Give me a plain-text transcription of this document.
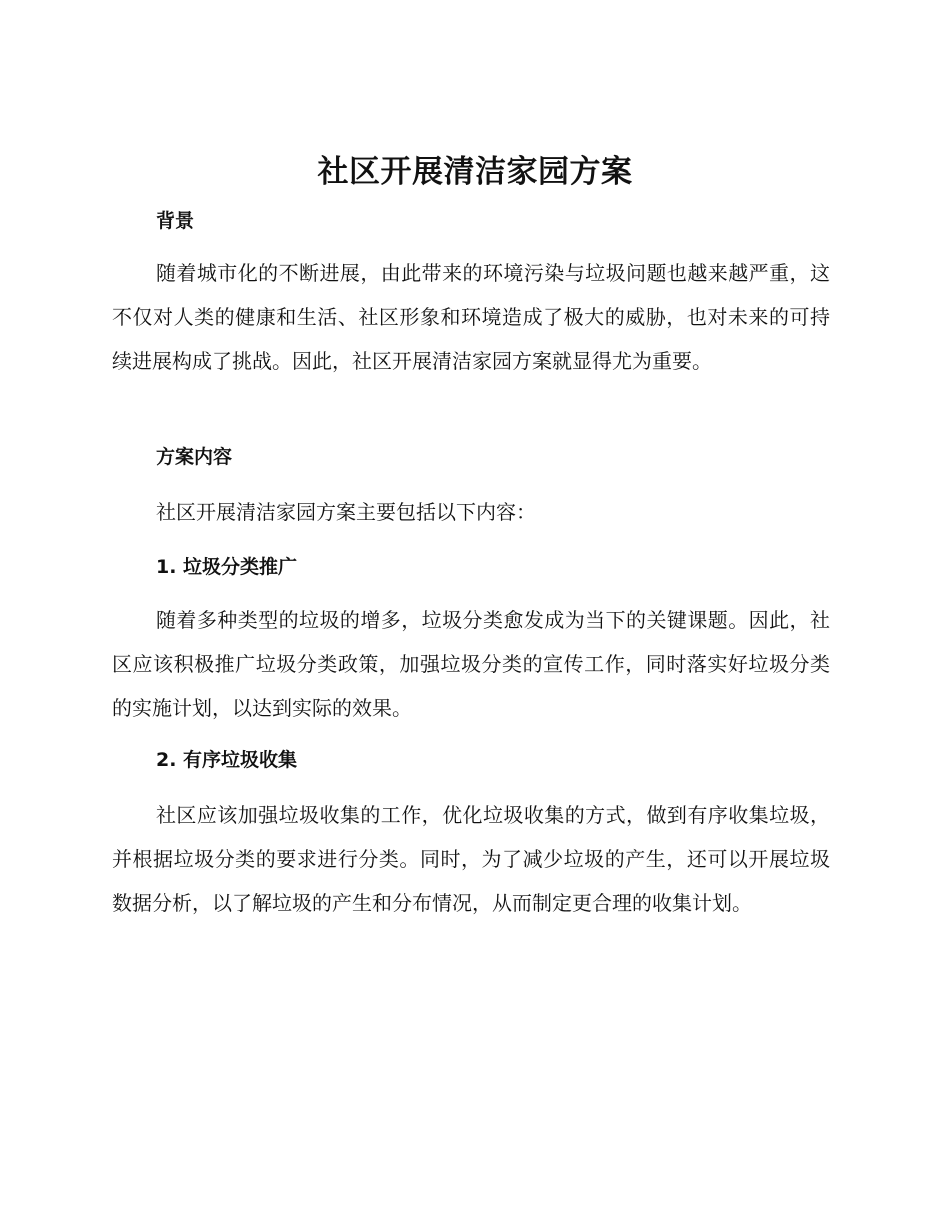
社区开展清洁家园方案
背景

随着城市化的不断进展，由此带来的环境污染与垃圾问题也越来越严重，这不仅对人类的健康和生活、社区形象和环境造成了极大的威胁，也对未来的可持续进展构成了挑战。因此，社区开展清洁家园方案就显得尤为重要。

方案内容

社区开展清洁家园方案主要包括以下内容：

1. 垃圾分类推广

随着多种类型的垃圾的增多，垃圾分类愈发成为当下的关键课题。因此，社区应该积极推广垃圾分类政策，加强垃圾分类的宣传工作，同时落实好垃圾分类的实施计划，以达到实际的效果。

2. 有序垃圾收集

社区应该加强垃圾收集的工作，优化垃圾收集的方式，做到有序收集垃圾，并根据垃圾分类的要求进行分类。同时，为了减少垃圾的产生，还可以开展垃圾数据分析，以了解垃圾的产生和分布情况，从而制定更合理的收集计划。
